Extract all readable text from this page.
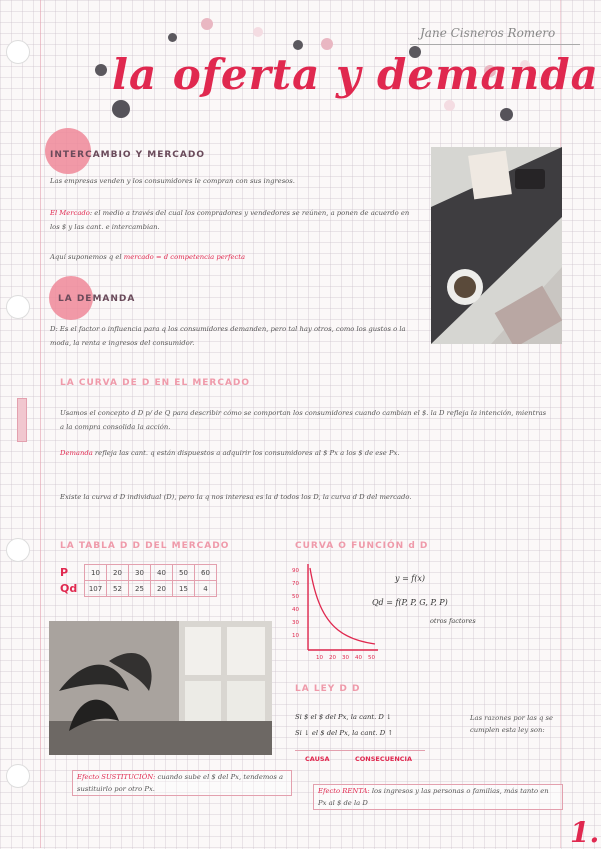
Jane Cisneros Romero
la oferta y demanda
INTERCAMBIO Y MERCADO
Las empresas venden y los consumidores le compran con sus ingresos.
El Mercado: el medio a través del cual los compradores y vendedores se reúnen, a ponen de acuerdo en los $ y las cant. e intercambian.
Aquí suponemos q el mercado = d competencia perfecta
LA DEMANDA
D: Es el factor o influencia para q los consumidores demanden, pero tal hay otros, como los gustos o la moda, la renta e ingresos del consumidor.
LA CURVA DE D EN EL MERCADO
Usamos el concepto d D p/ de Q para describir cómo se comportan los consumidores cuando cambian el $. la D refleja la intención, mientras a la compra consolida la acción.
Demanda refleja las cant. q están dispuestos a adquirir los consumidores al $ Px a los $ de ese Px.
Existe la curva d D individual (D), pero la q nos interesa es la d todos los D, la curva d D del mercado.
LA TABLA D D DEL MERCADO
P	10	20	30	40	50	60
Qd	107	52	25	20	15	4
CURVA O FUNCIÓN d D
90
70
50
40
30
10
10 20 30 40 50
y = f(x)
Qd = f(P, P, G, P, P)
otros factores
LA LEY D D
Si $ el $ del Px, la cant. D ↓
Si ↓ el $ del Px, la cant. D ↑
CAUSA	CONSECUENCIA
Las razones por las q se cumplen esta ley son:
Efecto SUSTITUCIÓN: cuando sube el $ del Px, tendemos a sustituirlo por otro Px.	Efecto RENTA: los ingresos y las personas o familias, más tanto en Px al $ de la D
1.
